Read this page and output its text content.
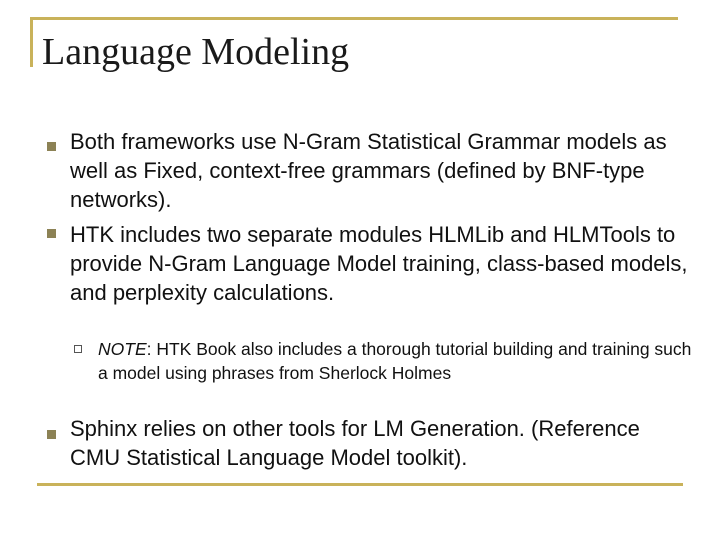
Language Modeling
Both frameworks use N-Gram Statistical Grammar models as well as Fixed, context-free grammars (defined by BNF-type networks).
HTK includes two separate modules HLMLib and HLMTools to provide N-Gram Language Model training, class-based models, and perplexity calculations.
NOTE: HTK Book also includes a thorough tutorial building and training such a model using phrases from Sherlock Holmes
Sphinx relies on other tools for LM Generation. (Reference CMU Statistical Language Model toolkit).
